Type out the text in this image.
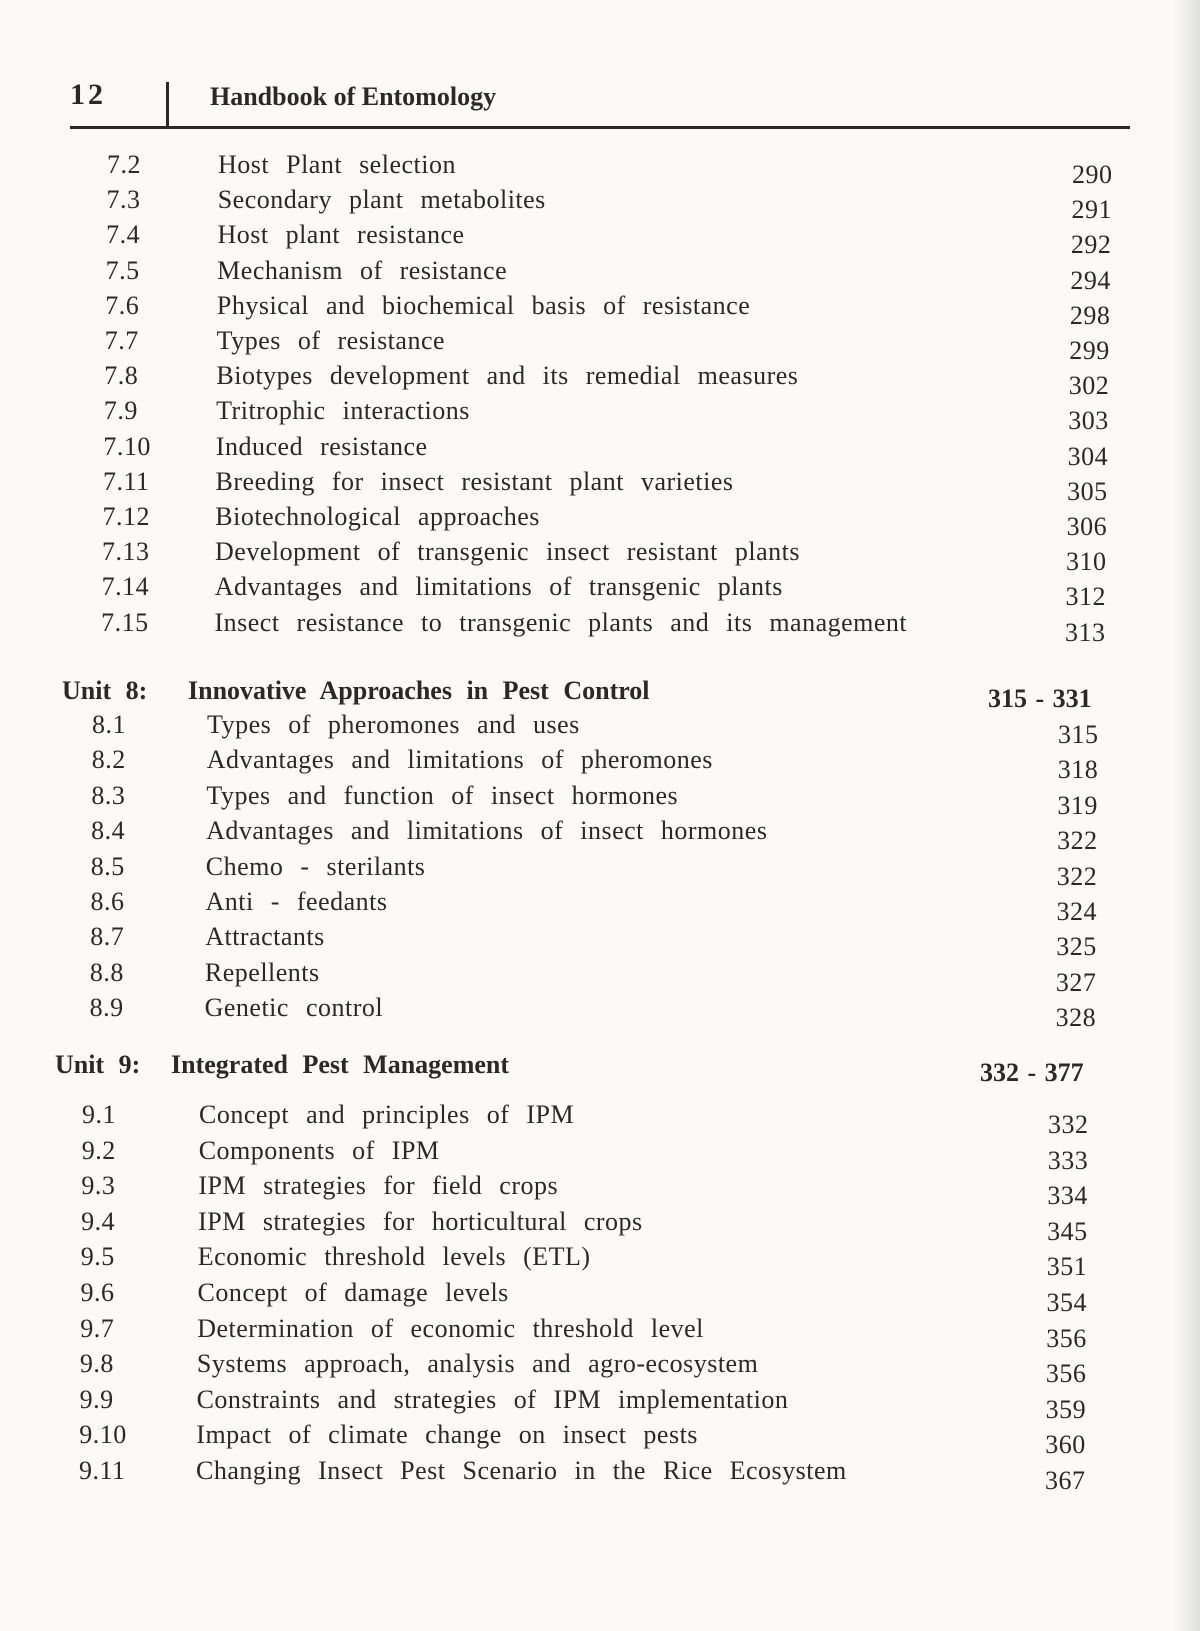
12	Handbook of Entomology
7.2	Host Plant selection	290
7.3	Secondary plant metabolites	291
7.4	Host plant resistance	292
7.5	Mechanism of resistance	294
7.6	Physical and biochemical basis of resistance	298
7.7	Types of resistance	299
7.8	Biotypes development and its remedial measures	302
7.9	Tritrophic interactions	303
7.10 Induced resistance	304
7.11	Breeding for insect resistant plant varieties	305
7.12	Biotechnological approaches	306
7.13	Development of transgenic insect resistant plants	310
7.14	Advantages and limitations of transgenic plants	312
7.15	Insect resistance to transgenic plants and its management	313
Unit 8: Innovative Approaches in Pest Control	315 - 331
8.1	Types of pheromones and uses	315
8.2	Advantages and limitations of pheromones	318
8.3	Types and function of insect hormones	319
8.4	Advantages and limitations of insect hormones	322
8.5	Chemo - sterilants	322
8.6	Anti - feedants	324
8.7	Attractants	325
8.8	Repellents	327
8.9	Genetic control	328
Unit 9: Integrated Pest Management	332 - 377
9.1	Concept and principles of IPM	332
9.2	Components of IPM	333
9.3	IPM strategies for field crops	334
9.4	IPM strategies for horticultural crops	345
9.5	Economic threshold levels (ETL)	351
9.6	Concept of damage levels	354
9.7	Determination of economic threshold level	356
9.8	Systems approach, analysis and agro-ecosystem	356
9.9	Constraints and strategies of IPM implementation	359
9.10	Impact of climate change on insect pests	360
9.11	Changing Insect Pest Scenario in the Rice Ecosystem	367
